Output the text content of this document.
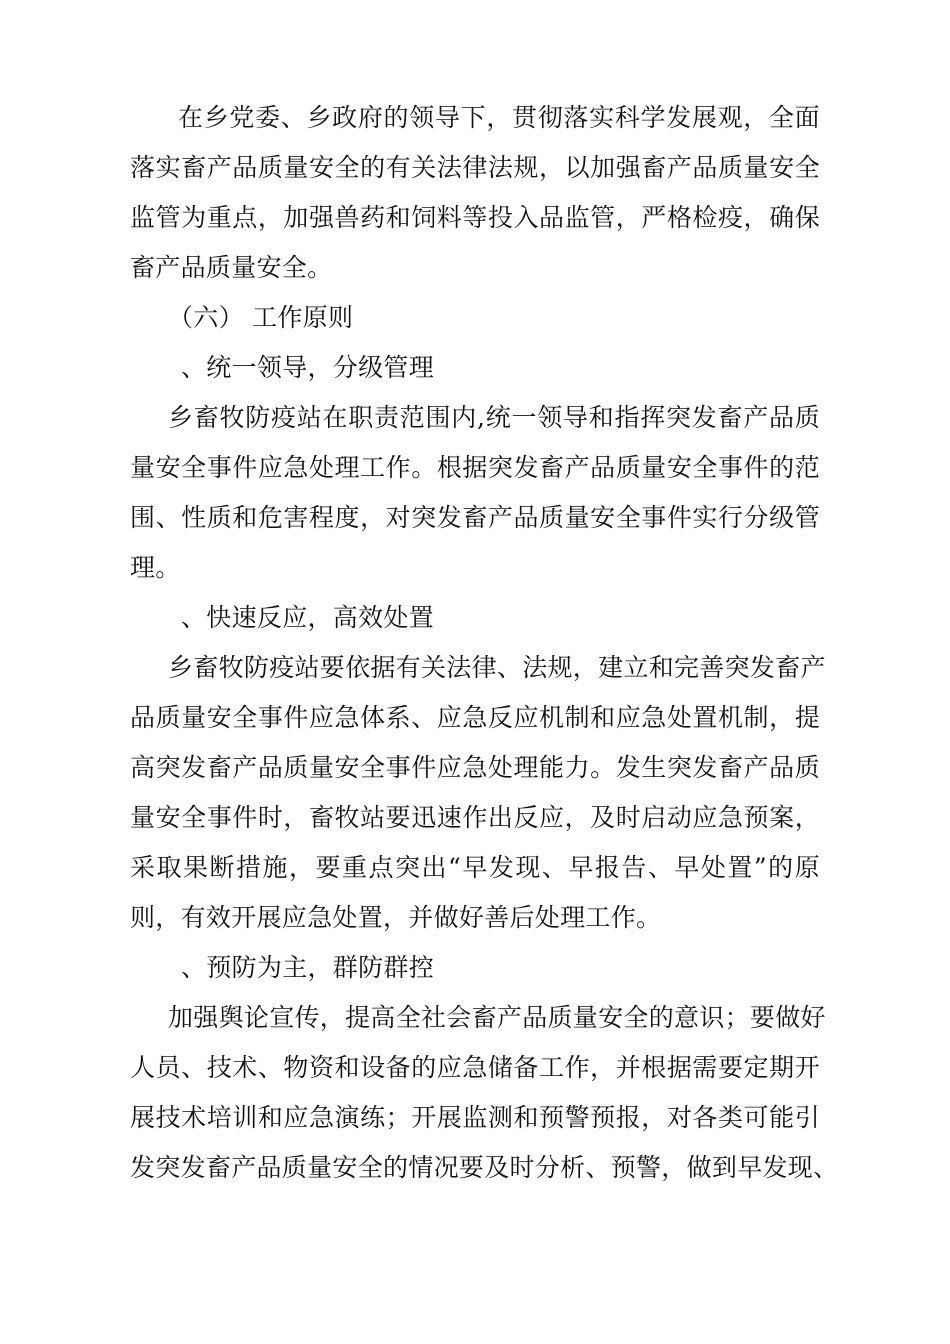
在乡党委、乡政府的领导下，贯彻落实科学发展观，全面
落实畜产品质量安全的有关法律法规，以加强畜产品质量安全
监管为重点，加强兽药和饲料等投入品监管，严格检疫，确保
畜产品质量安全。
（六） 工作原则
、统一领导，分级管理
乡畜牧防疫站在职责范围内,统一领导和指挥突发畜产品质
量安全事件应急处理工作。根据突发畜产品质量安全事件的范
围、性质和危害程度，对突发畜产品质量安全事件实行分级管
理。
、快速反应，高效处置
乡畜牧防疫站要依据有关法律、法规，建立和完善突发畜产
品质量安全事件应急体系、应急反应机制和应急处置机制，提
高突发畜产品质量安全事件应急处理能力。发生突发畜产品质
量安全事件时，畜牧站要迅速作出反应，及时启动应急预案，
采取果断措施，要重点突出“早发现、早报告、早处置”的原
则，有效开展应急处置，并做好善后处理工作。
、预防为主，群防群控
加强舆论宣传，提高全社会畜产品质量安全的意识；要做好
人员、技术、物资和设备的应急储备工作，并根据需要定期开
展技术培训和应急演练；开展监测和预警预报，对各类可能引
发突发畜产品质量安全的情况要及时分析、预警，做到早发现、
